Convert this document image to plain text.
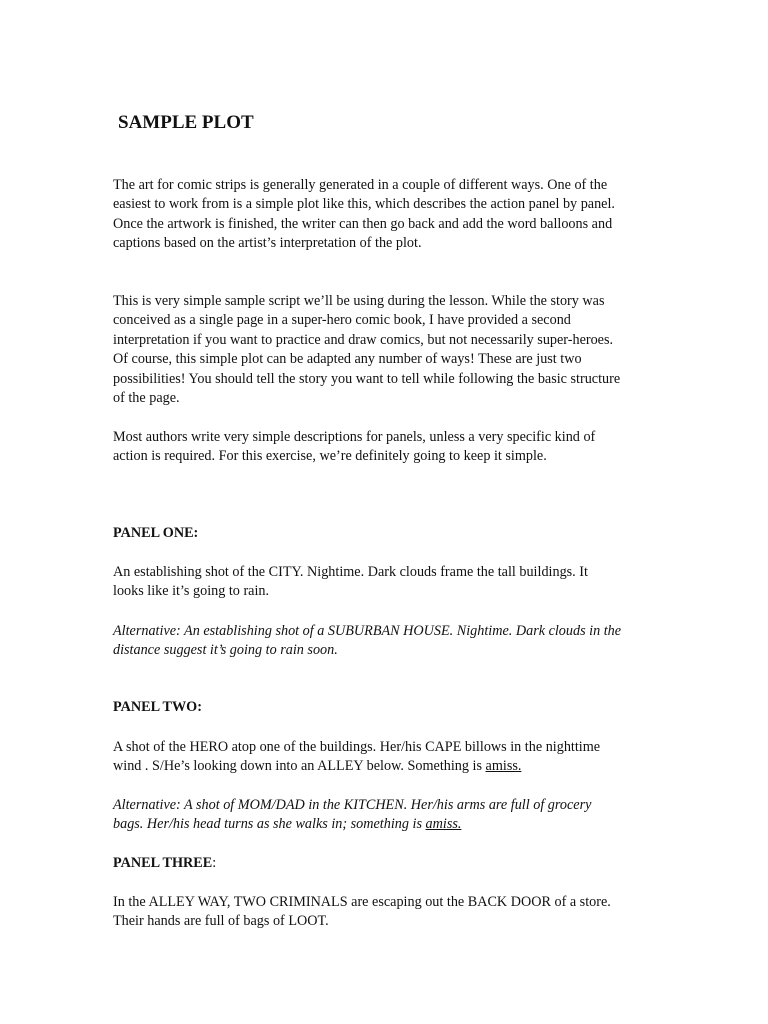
SAMPLE PLOT
The art for comic strips is generally generated in a couple of different ways. One of the
easiest to work from is a simple plot like this, which describes the action panel by panel.
Once the artwork is finished, the writer can then go back and add the word balloons and
captions based on the artist’s interpretation of the plot.
This is very simple sample script we’ll be using during the lesson. While the story was
conceived as a single page in a super-hero comic book, I have provided a second
interpretation if you want to practice and draw comics, but not necessarily super-heroes.
Of course, this simple plot can be adapted any number of ways! These are just two
possibilities! You should tell the story you want to tell while following the basic structure
of the page.
Most authors write very simple descriptions for panels, unless a very specific kind of
action is required. For this exercise, we’re definitely going to keep it simple.
PANEL ONE:
An establishing shot of the CITY. Nightime. Dark clouds frame the tall buildings. It
looks like it’s going to rain.
Alternative: An establishing shot of a SUBURBAN HOUSE. Nightime. Dark clouds in the
distance suggest it’s going to rain soon.
PANEL TWO:
A shot of the HERO atop one of the buildings. Her/his CAPE billows in the nighttime
wind . S/He’s looking down into an ALLEY below. Something is amiss.
Alternative: A shot of MOM/DAD in the KITCHEN. Her/his arms are full of grocery
bags. Her/his head turns as she walks in; something is amiss.
PANEL THREE:
In the ALLEY WAY, TWO CRIMINALS are escaping out the BACK DOOR of a store.
Their hands are full of bags of LOOT.
